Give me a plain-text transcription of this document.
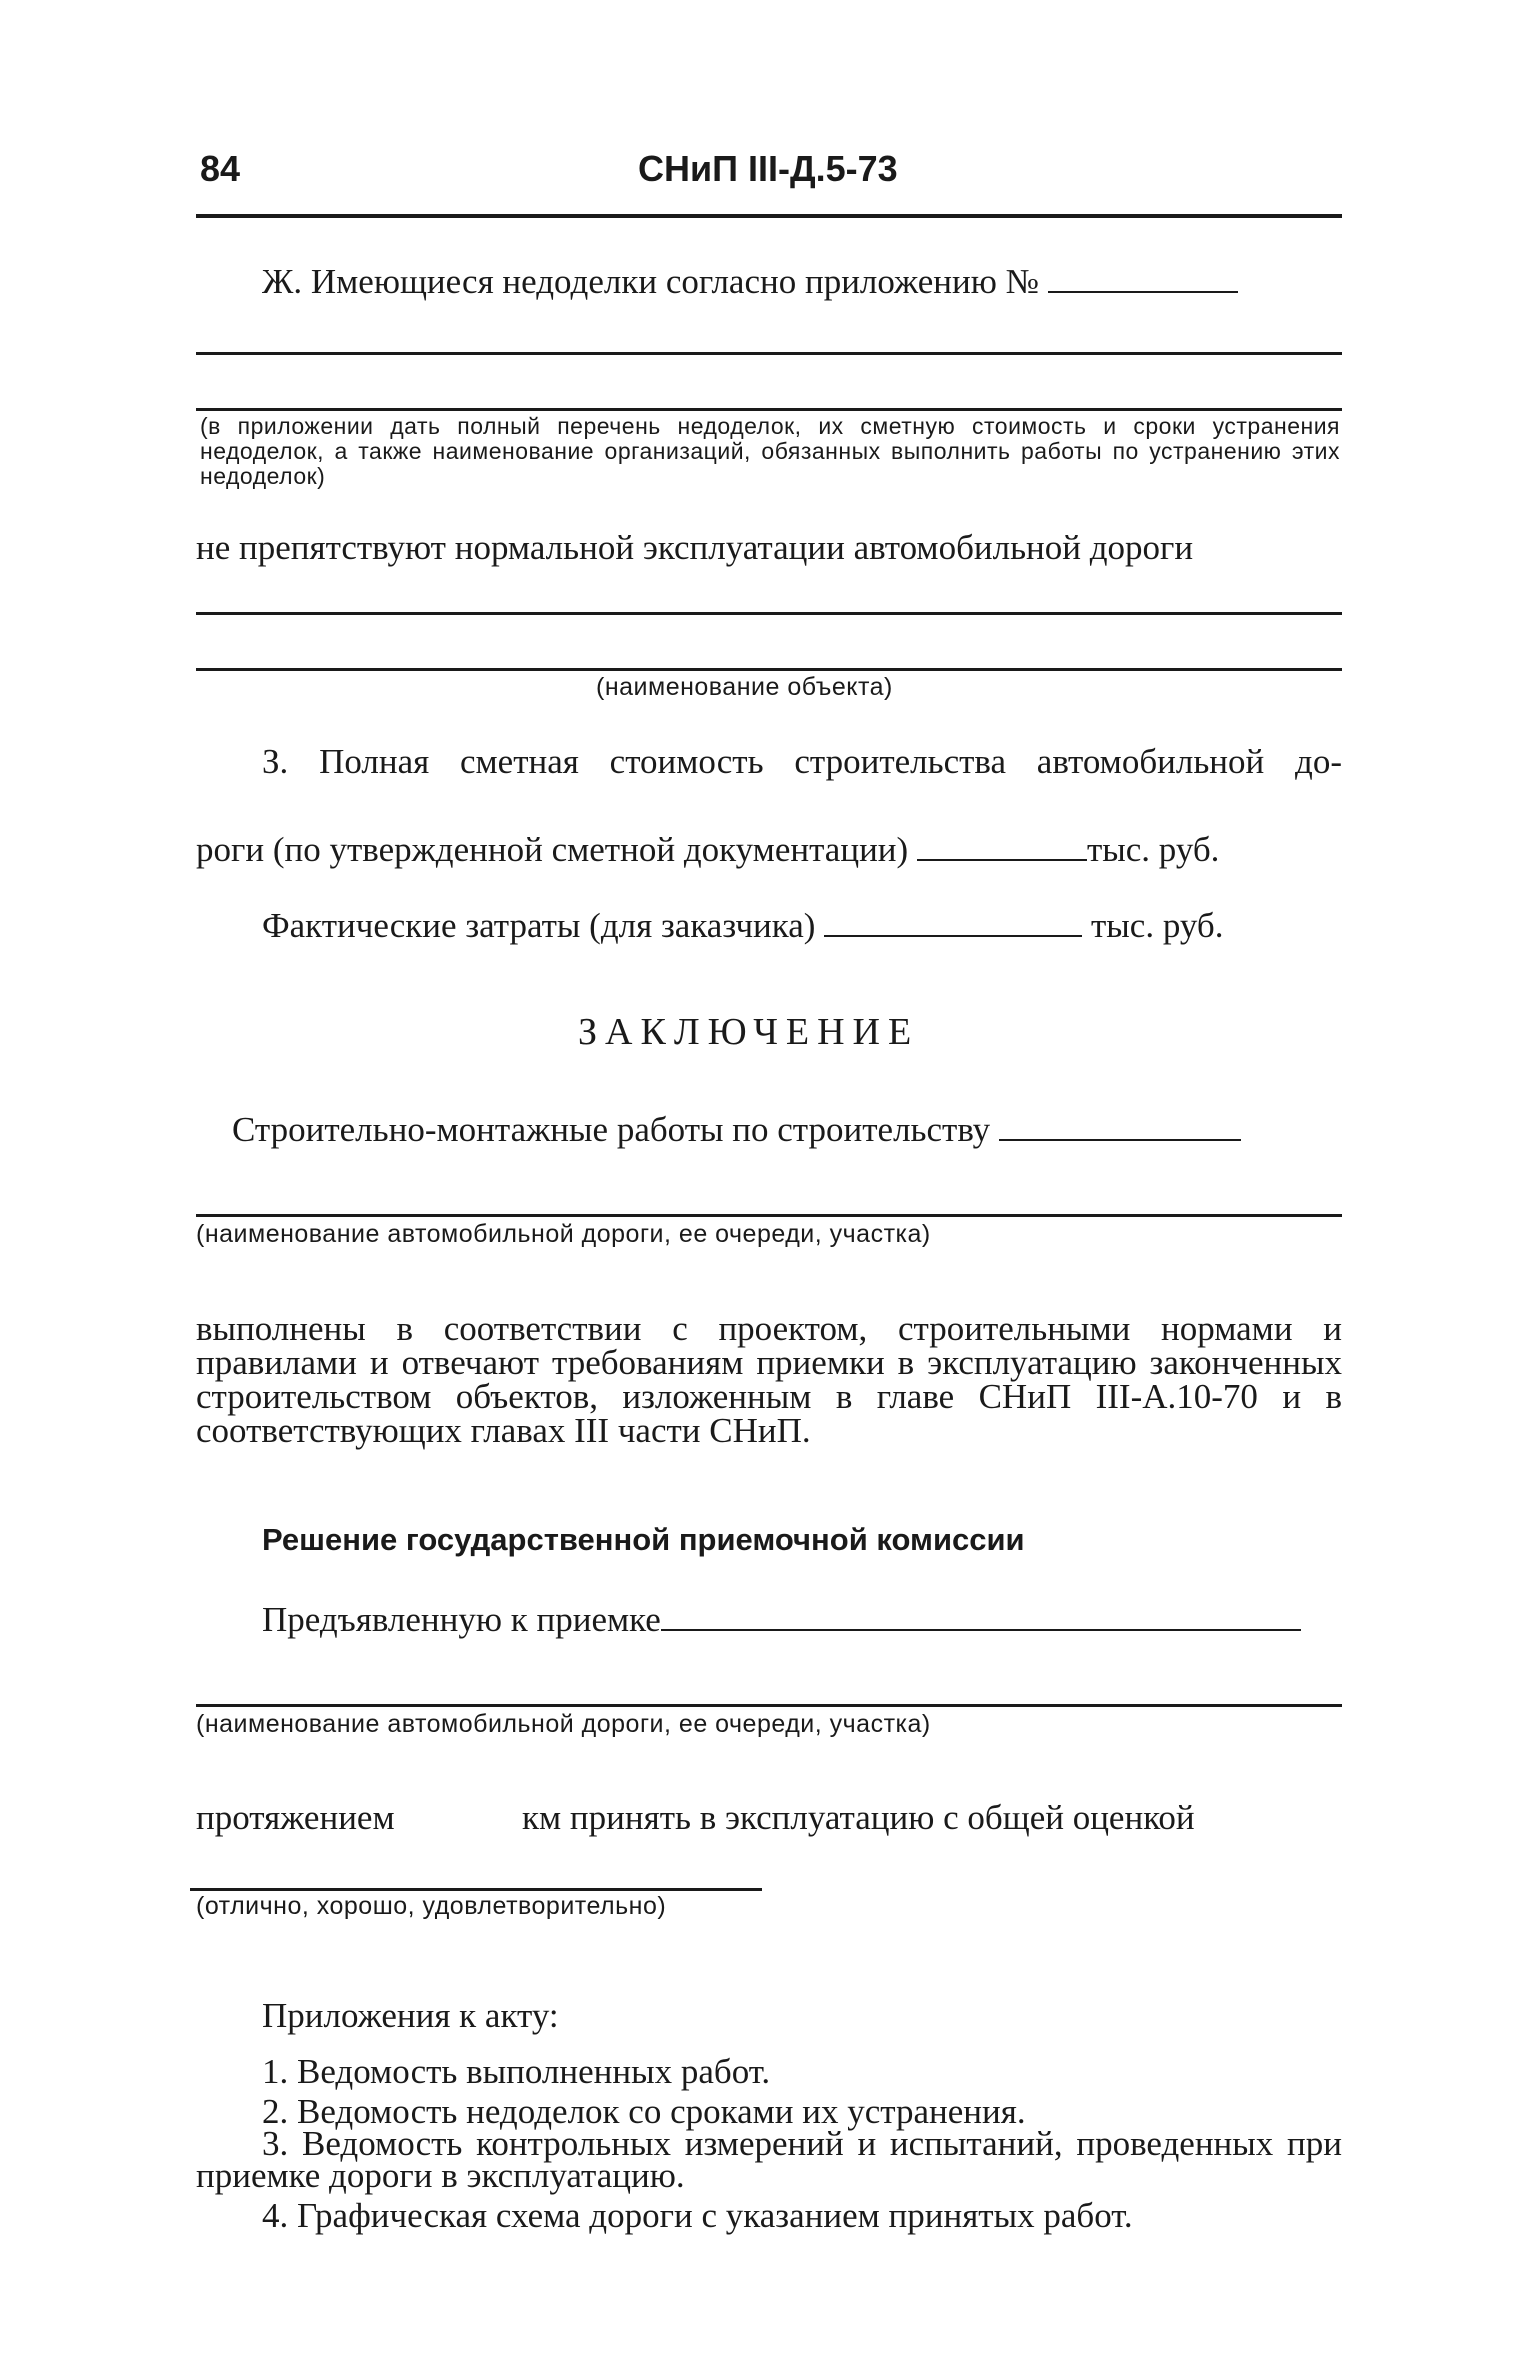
84	СНиП III-Д.5-73
Ж. Имеющиеся недоделки согласно приложению №
(в приложении дать полный перечень недоделок, их сметную стоимость и сроки устранения недоделок, а также наименование организаций, обязанных выполнить работы по устранению этих недоделок)
не препятствуют нормальной эксплуатации автомобильной дороги
(наименование объекта)
З. Полная сметная стоимость строительства автомобильной до-
роги (по утвержденной сметной документации)	тыс. руб.
Фактические затраты (для заказчика)	тыс. руб.
ЗАКЛЮЧЕНИЕ
Строительно-монтажные работы по строительству
(наименование автомобильной дороги, ее очереди, участка)
выполнены в соответствии с проектом, строительными нормами и правилами и отвечают требованиям приемки в эксплуатацию законченных строительством объектов, изложенным в главе СНиП III-А.10-70 и в соответствующих главах III части СНиП.
Решение государственной приемочной комиссии
Предъявленную к приемке
(наименование автомобильной дороги, ее очереди, участка)
протяжением	км принять в эксплуатацию с общей оценкой
(отлично, хорошо, удовлетворительно)
Приложения к акту:
1. Ведомость выполненных работ.
2. Ведомость недоделок со сроками их устранения.
3. Ведомость контрольных измерений и испытаний, проведенных при приемке дороги в эксплуатацию.
4. Графическая схема дороги с указанием принятых работ.
